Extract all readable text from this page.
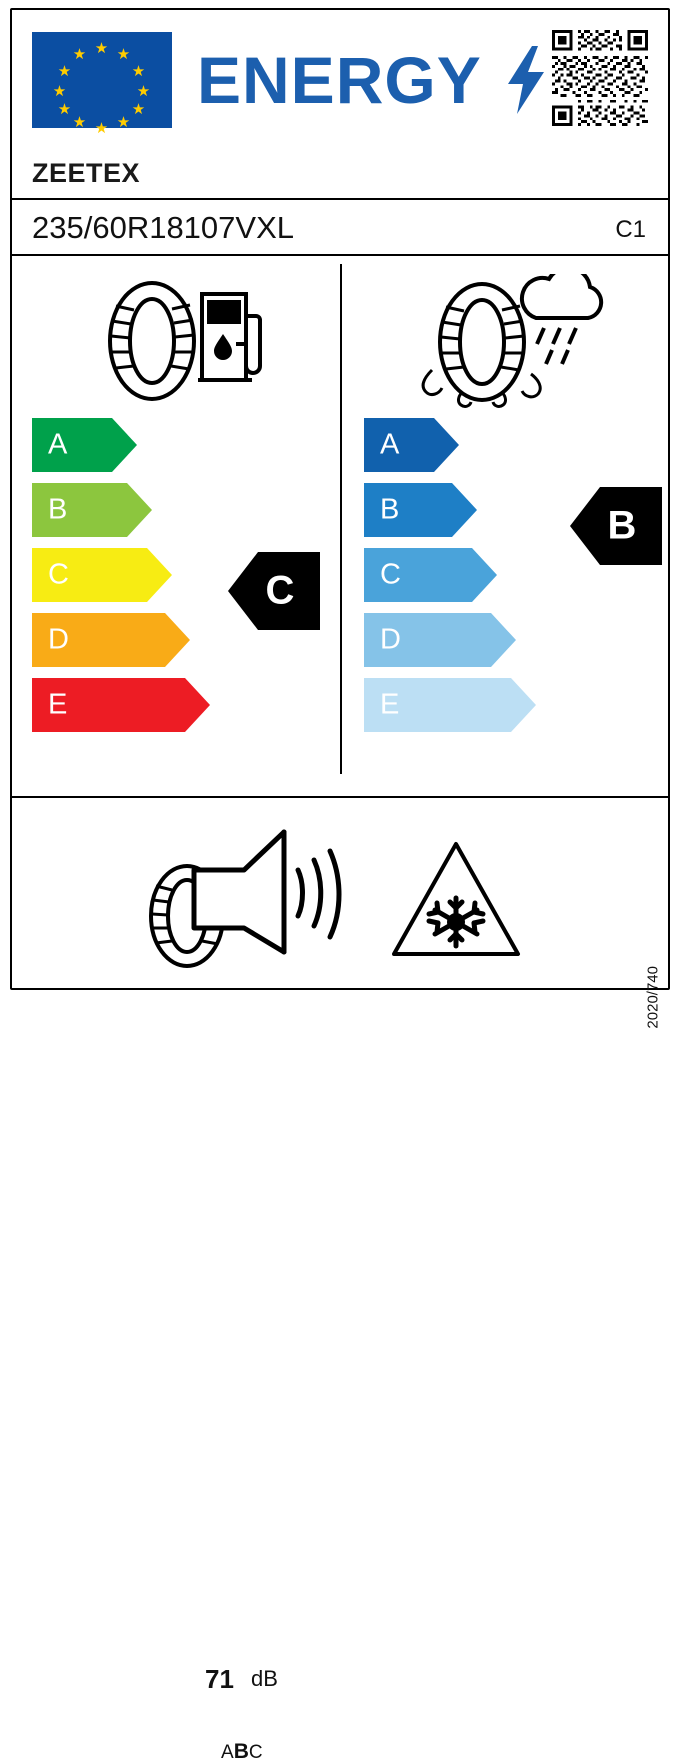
★
★ ★
★	★
★	★
★	★
★ ★
★
ENERGY
ZEETEX
235/60R18107VXL	C1
A
B
C
D
E
C
A
B
C
D
E
B
71 dB
ABC
2020/740
